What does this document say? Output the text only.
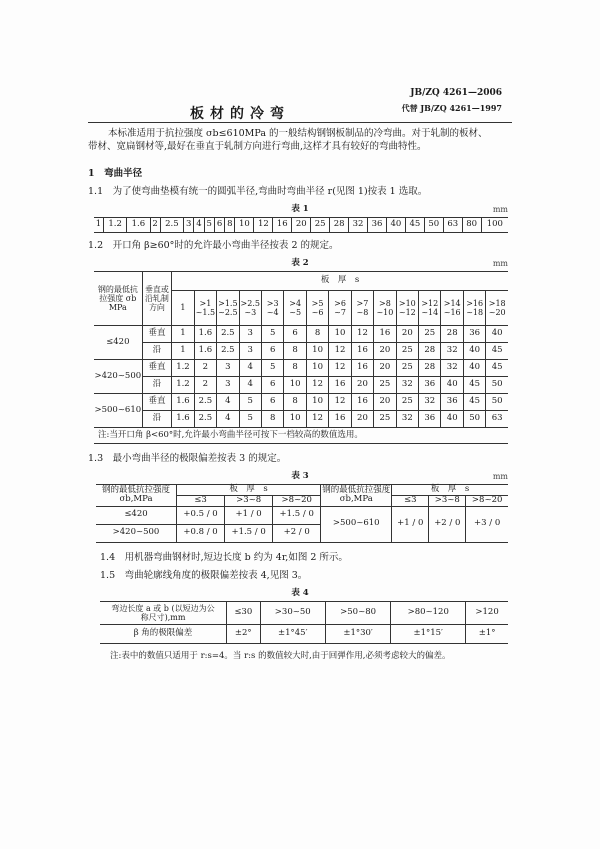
JB/ZQ 4261—2006
代替 JB/ZQ 4261—1997
板材的冷弯
本标准适用于抗拉强度 σb≤610MPa 的一般结构钢钢板制品的冷弯曲。对于轧制的板材、
带材、宽扁钢材等,最好在垂直于轧制方向进行弯曲,这样才具有较好的弯曲特性。
1　弯曲半径
1.1　为了使弯曲垫模有统一的圆弧半径,弯曲时弯曲半径 r(见图 1)按表 1 选取。
表 1	mm
1	1.2	1.6	2	2.5	3	4	5	6	8	10	12	16	20	25	28	32	36	40	45	50	63	80	100
1.2　开口角 β≥60°时的允许最小弯曲半径按表 2 的规定。
表 2	mm
钢的最低抗拉强度 σb MPa	垂直或沿轧制方向	板　厚　s														
		1	>1 ~1.5	>1.5 ~2.5	>2.5 ~3	>3 ~4	>4 ~5	>5 ~6	>6 ~7	>7 ~8	>8 ~10	>10 ~12	>12 ~14	>14 ~16	>16 ~18	>18 ~20
≤420	垂直	1	1.6	2.5	3	5	6	8	10	12	16	20	25	28	36	40
	沿	1	1.6	2.5	3	6	8	10	12	16	20	25	28	32	40	45
>420~500	垂直	1.2	2	3	4	5	8	10	12	16	20	25	28	32	40	45
	沿	1.2	2	3	4	6	10	12	16	20	25	32	36	40	45	50
>500~610	垂直	1.6	2.5	4	5	6	8	10	12	16	20	25	32	36	45	50
	沿	1.6	2.5	4	5	8	10	12	16	20	25	32	36	40	50	63
注:当开口角 β<60°时,允许最小弯曲半径可按下一档较高的数值选用。																
1.3　最小弯曲半径的极限偏差按表 3 的规定。
表 3	mm
钢的最低抗拉强度 σb,MPa	板　厚　s			钢的最低抗拉强度 σb,MPa	板　厚　s		
	≤3	>3~8	>8~20		≤3	>3~8	>8~20
≤420	+0.5 / 0	+1 / 0	+1.5 / 0	>500~610	+1 / 0	+2 / 0	+3 / 0
>420~500	+0.8 / 0	+1.5 / 0	+2 / 0				
1.4　用机器弯曲钢材时,短边长度 b 约为 4r,如图 2 所示。
1.5　弯曲轮廓线角度的极限偏差按表 4,见图 3。
表 4
弯边长度 a 或 b (以短边为公称尺寸),mm	≤30	>30~50	>50~80	>80~120	>120
β 角的极限偏差	±2°	±1°45′	±1°30′	±1°15′	±1°
注:表中的数值只适用于 r:s=4。当 r:s 的数值较大时,由于回弹作用,必须考虑较大的偏差。
